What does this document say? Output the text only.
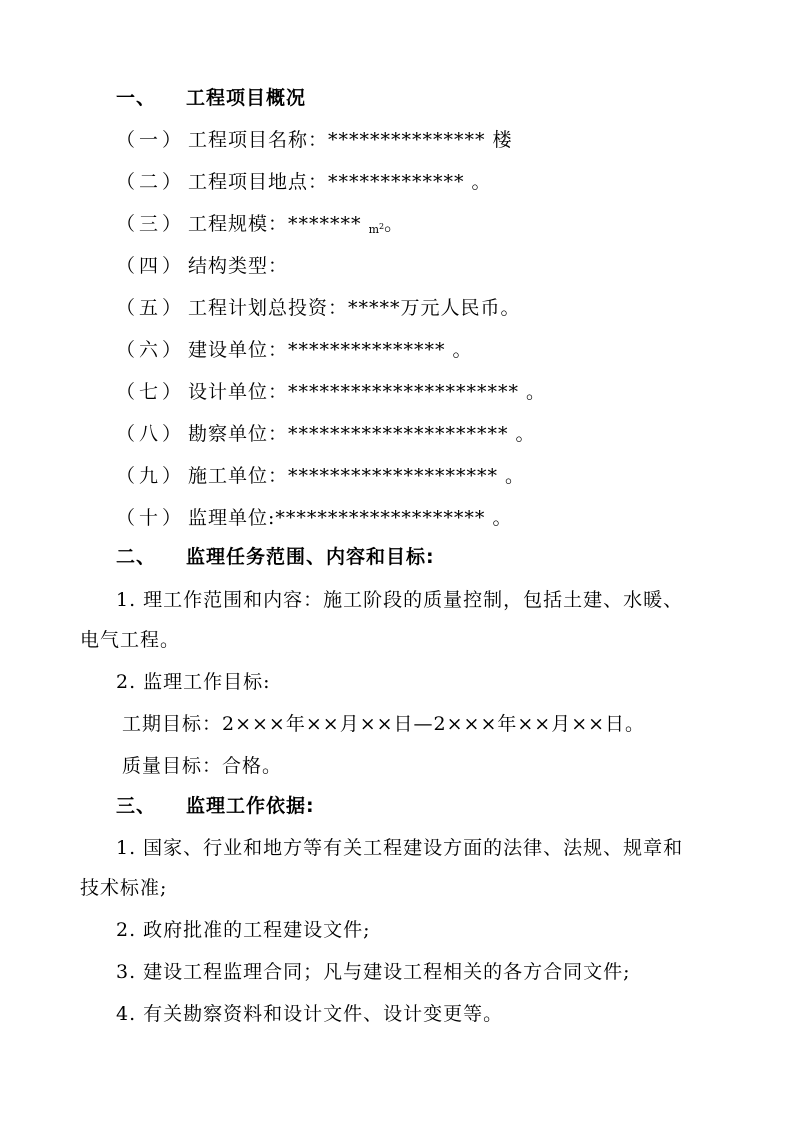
一、 工程项目概况
（一） 工程项目名称：*************** 楼
（二） 工程项目地点：************* 。
（三） 工程规模：******* $m^2$。
（四） 结构类型：
（五） 工程计划总投资：*****万元人民币。
（六） 建设单位：*************** 。
（七） 设计单位：********************** 。
（八） 勘察单位：********************* 。
（九） 施工单位：******************** 。
（十） 监理单位:******************** 。
二、 监理任务范围、内容和目标:
1. 理工作范围和内容：施工阶段的质量控制，包括土建、水暖、
电气工程。
2. 监理工作目标:
工期目标：2×××年××月××日—2×××年××月××日。
质量目标：合格。
三、 监理工作依据:
1. 国家、行业和地方等有关工程建设方面的法律、法规、规章和
技术标准;
2. 政府批准的工程建设文件;
3. 建设工程监理合同；凡与建设工程相关的各方合同文件;
4. 有关勘察资料和设计文件、设计变更等。
